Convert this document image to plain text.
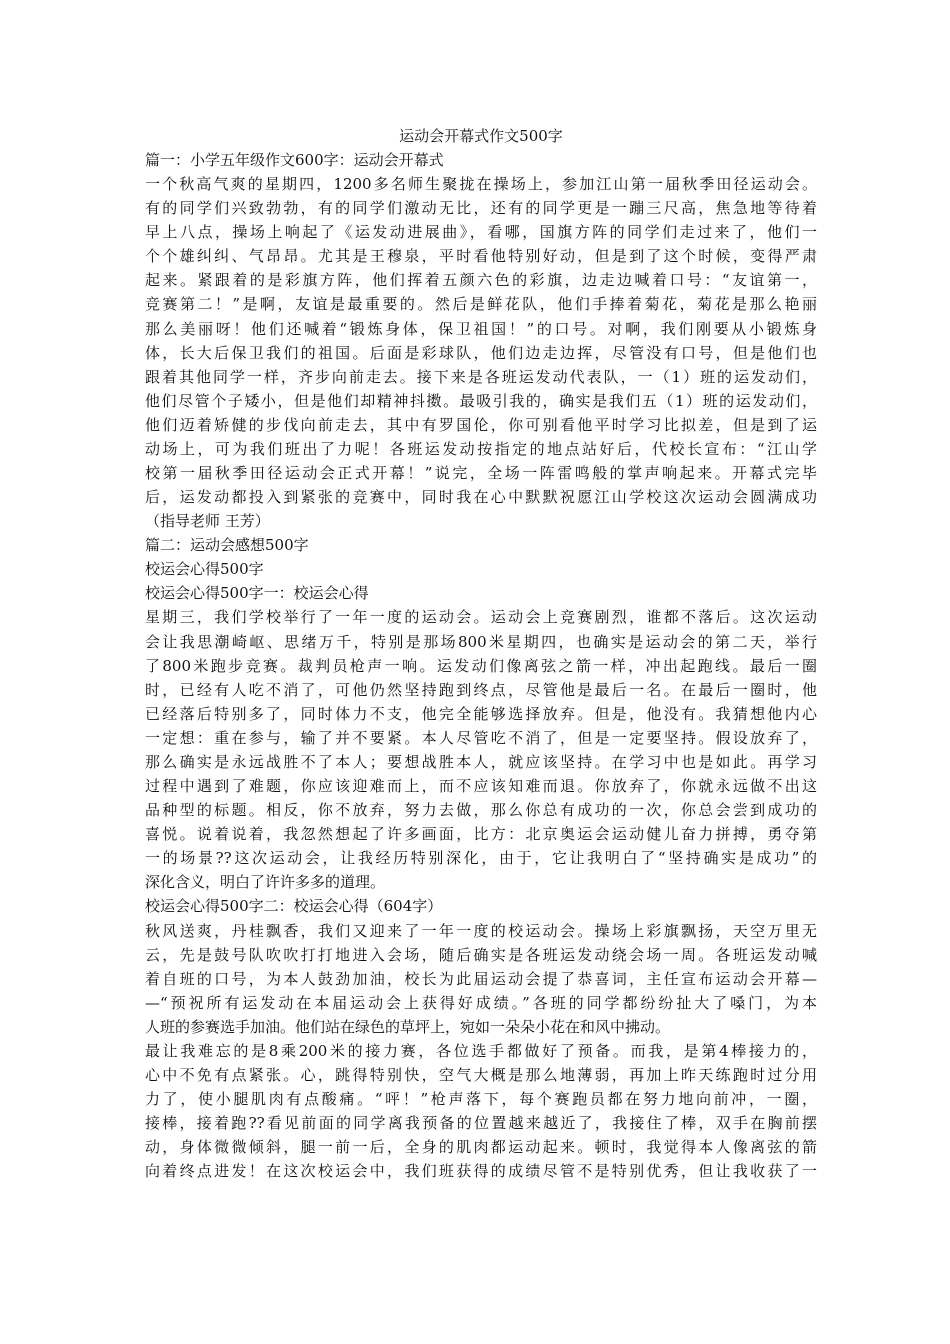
运动会开幕式作文500字
篇一：小学五年级作文600字：运动会开幕式
一个秋高气爽的星期四，1200多名师生聚拢在操场上，参加江山第一届秋季田径运动会。
有的同学们兴致勃勃，有的同学们激动无比，还有的同学更是一蹦三尺高，焦急地等待着
早上八点，操场上响起了《运发动进展曲》，看哪，国旗方阵的同学们走过来了，他们一
个个雄纠纠、气昂昂。尤其是王穆泉，平时看他特别好动，但是到了这个时候，变得严肃
起来。紧跟着的是彩旗方阵，他们挥着五颜六色的彩旗，边走边喊着口号：“友谊第一，
竞赛第二！”是啊，友谊是最重要的。然后是鲜花队，他们手捧着菊花，菊花是那么艳丽
那么美丽呀！他们还喊着“锻炼身体，保卫祖国！”的口号。对啊，我们刚要从小锻炼身
体，长大后保卫我们的祖国。后面是彩球队，他们边走边挥，尽管没有口号，但是他们也
跟着其他同学一样，齐步向前走去。接下来是各班运发动代表队，一（1）班的运发动们，
他们尽管个子矮小，但是他们却精神抖擞。最吸引我的，确实是我们五（1）班的运发动们，
他们迈着矫健的步伐向前走去，其中有罗国伦，你可别看他平时学习比拟差，但是到了运
动场上，可为我们班出了力呢！各班运发动按指定的地点站好后，代校长宣布：“江山学
校第一届秋季田径运动会正式开幕！”说完，全场一阵雷鸣般的掌声响起来。开幕式完毕
后，运发动都投入到紧张的竞赛中，同时我在心中默默祝愿江山学校这次运动会圆满成功
（指导老师 王芳）
篇二：运动会感想500字
校运会心得500字
校运会心得500字一：校运会心得
星期三，我们学校举行了一年一度的运动会。运动会上竞赛剧烈，谁都不落后。这次运动
会让我思潮崎岖、思绪万千，特别是那场800米星期四，也确实是运动会的第二天，举行
了800米跑步竞赛。裁判员枪声一响。运发动们像离弦之箭一样，冲出起跑线。最后一圈
时，已经有人吃不消了，可他仍然坚持跑到终点，尽管他是最后一名。在最后一圈时，他
已经落后特别多了，同时体力不支，他完全能够选择放弃。但是，他没有。我猜想他内心
一定想：重在参与，输了并不要紧。本人尽管吃不消了，但是一定要坚持。假设放弃了，
那么确实是永远战胜不了本人；要想战胜本人，就应该坚持。在学习中也是如此。再学习
过程中遇到了难题，你应该迎难而上，而不应该知难而退。你放弃了，你就永远做不出这
品种型的标题。相反，你不放弃，努力去做，那么你总有成功的一次，你总会尝到成功的
喜悦。说着说着，我忽然想起了许多画面，比方：北京奥运会运动健儿奋力拼搏，勇夺第
一的场景??这次运动会，让我经历特别深化，由于，它让我明白了“坚持确实是成功”的
深化含义，明白了许许多多的道理。
校运会心得500字二：校运会心得（604字）
秋风送爽，丹桂飘香，我们又迎来了一年一度的校运动会。操场上彩旗飘扬，天空万里无
云，先是鼓号队吹吹打打地进入会场，随后确实是各班运发动绕会场一周。各班运发动喊
着自班的口号，为本人鼓劲加油，校长为此届运动会提了恭喜词，主任宣布运动会开幕—
—“预祝所有运发动在本届运动会上获得好成绩。”各班的同学都纷纷扯大了嗓门，为本
人班的参赛选手加油。他们站在绿色的草坪上，宛如一朵朵小花在和风中拂动。
最让我难忘的是8乘200米的接力赛，各位选手都做好了预备。而我，是第4棒接力的，
心中不免有点紧张。心，跳得特别快，空气大概是那么地薄弱，再加上昨天练跑时过分用
力了，使小腿肌肉有点酸痛。“呯！”枪声落下，每个赛跑员都在努力地向前冲，一圈，
接棒，接着跑??看见前面的同学离我预备的位置越来越近了，我接住了棒，双手在胸前摆
动，身体微微倾斜，腿一前一后，全身的肌肉都运动起来。顿时，我觉得本人像离弦的箭
向着终点进发！在这次校运会中，我们班获得的成绩尽管不是特别优秀，但让我收获了一
